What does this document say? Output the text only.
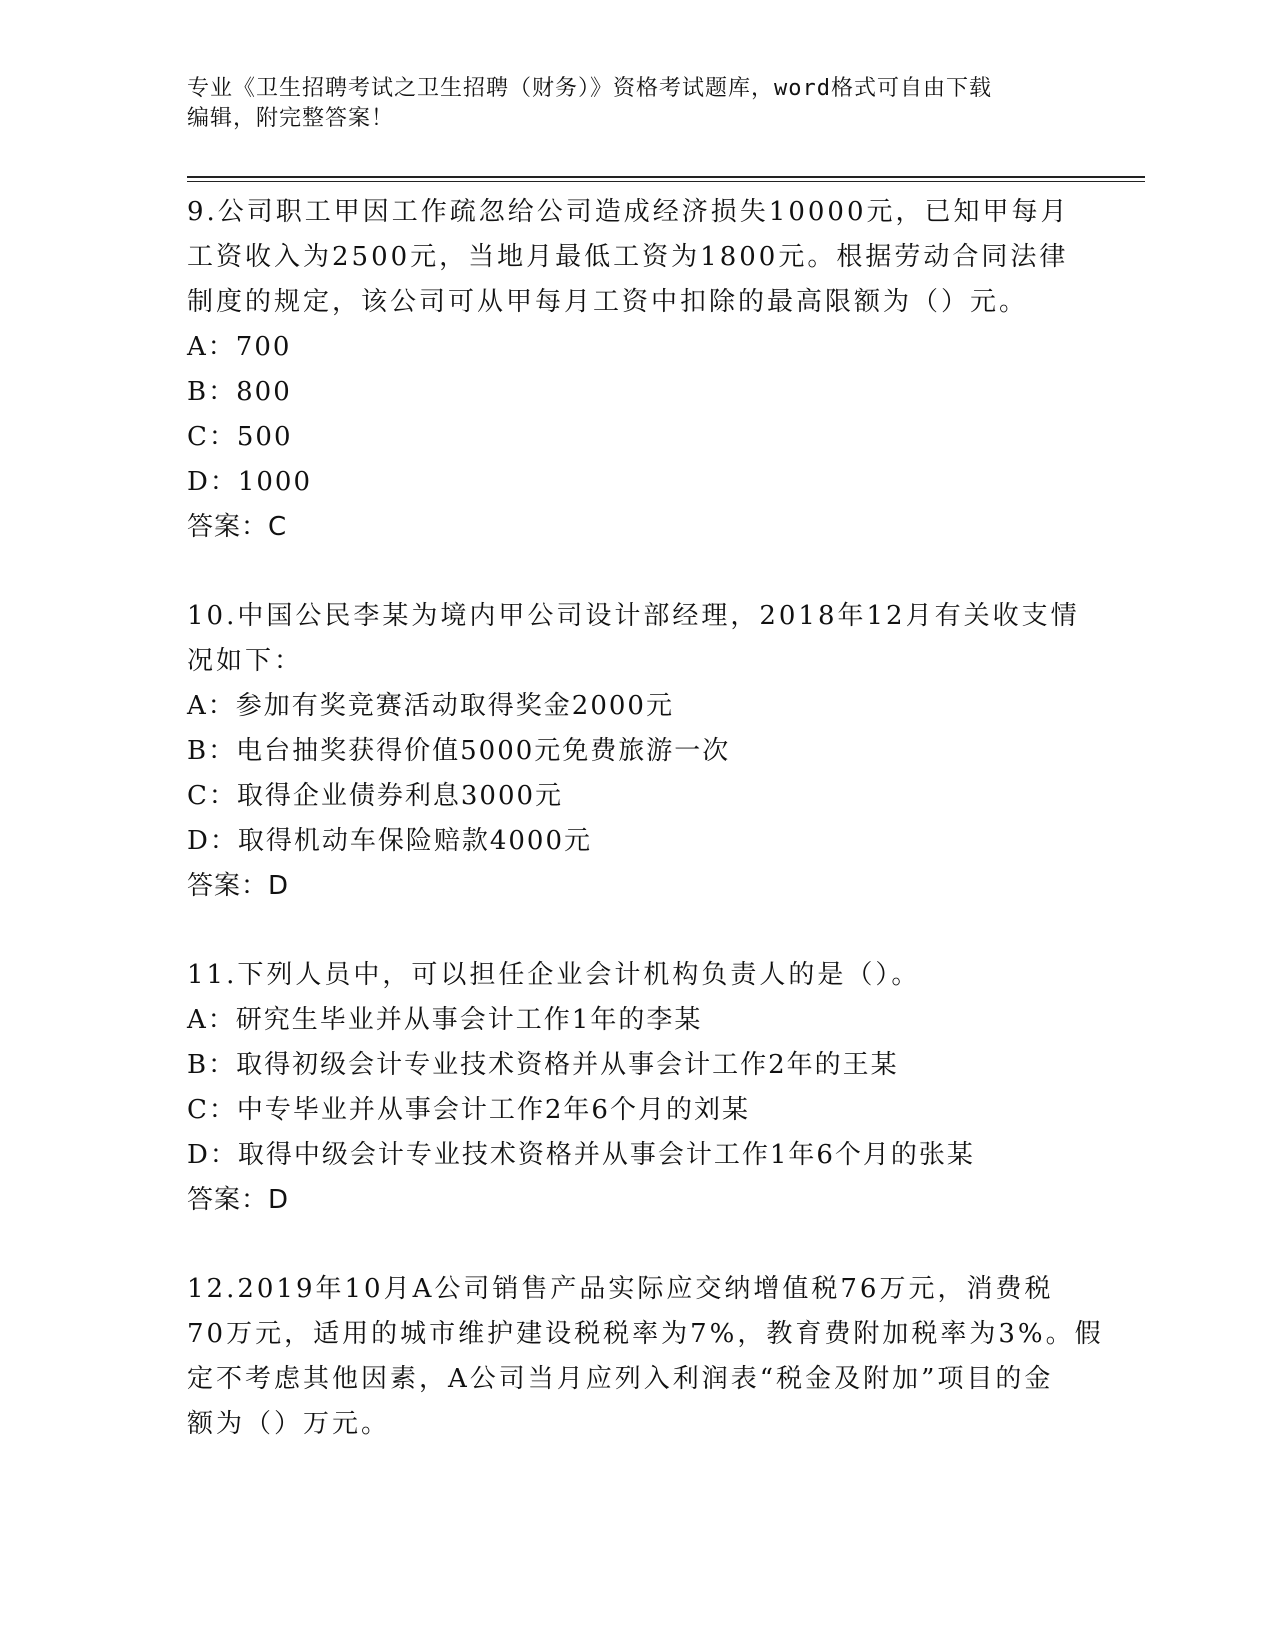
专业《卫生招聘考试之卫生招聘（财务）》资格考试题库，word格式可自由下载
编辑，附完整答案！
9.公司职工甲因工作疏忽给公司造成经济损失10000元，已知甲每月
工资收入为2500元，当地月最低工资为1800元。根据劳动合同法律
制度的规定，该公司可从甲每月工资中扣除的最高限额为（）元。
A：700
B：800
C：500
D：1000
答案：C
10.中国公民李某为境内甲公司设计部经理，2018年12月有关收支情
况如下：
A：参加有奖竞赛活动取得奖金2000元
B：电台抽奖获得价值5000元免费旅游一次
C：取得企业债券利息3000元
D：取得机动车保险赔款4000元
答案：D
11.下列人员中，可以担任企业会计机构负责人的是（）。
A：研究生毕业并从事会计工作1年的李某
B：取得初级会计专业技术资格并从事会计工作2年的王某
C：中专毕业并从事会计工作2年6个月的刘某
D：取得中级会计专业技术资格并从事会计工作1年6个月的张某
答案：D
12.2019年10月A公司销售产品实际应交纳增值税76万元，消费税
70万元，适用的城市维护建设税税率为7%，教育费附加税率为3%。假
定不考虑其他因素，A公司当月应列入利润表“税金及附加”项目的金
额为（）万元。
